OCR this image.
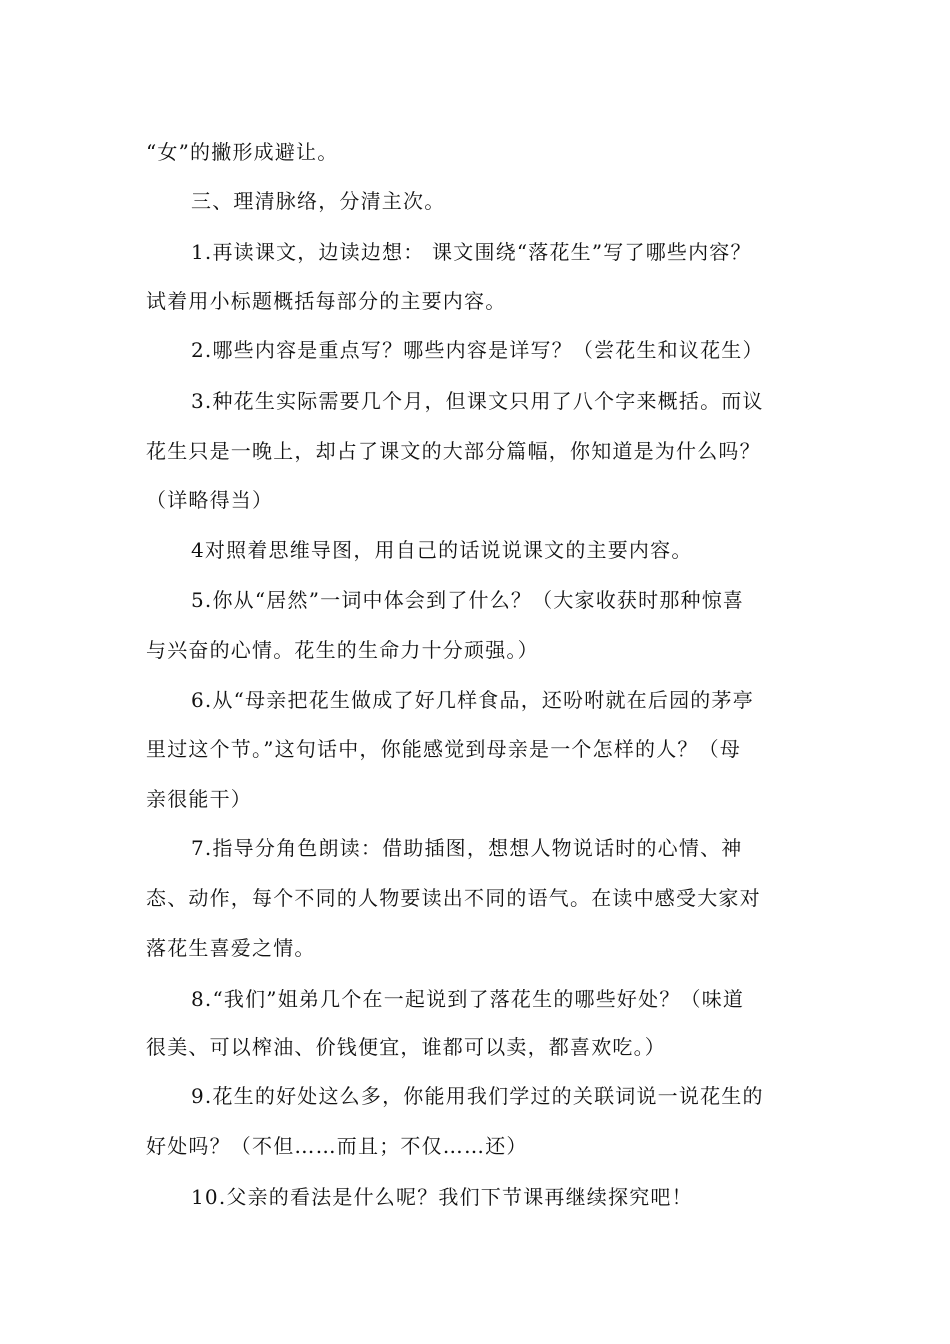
“女”的撇形成避让。
三、理清脉络，分清主次。
1.再读课文，边读边想： 课文围绕“落花生”写了哪些内容？
试着用小标题概括每部分的主要内容。
2.哪些内容是重点写？哪些内容是详写？（尝花生和议花生）
3.种花生实际需要几个月，但课文只用了八个字来概括。而议
花生只是一晚上，却占了课文的大部分篇幅，你知道是为什么吗？
（详略得当）
4对照着思维导图，用自己的话说说课文的主要内容。
5.你从“居然”一词中体会到了什么？（大家收获时那种惊喜
与兴奋的心情。花生的生命力十分顽强。）
6.从“母亲把花生做成了好几样食品，还吩咐就在后园的茅亭
里过这个节。”这句话中，你能感觉到母亲是一个怎样的人？（母
亲很能干）
7.指导分角色朗读：借助插图，想想人物说话时的心情、神
态、动作，每个不同的人物要读出不同的语气。在读中感受大家对
落花生喜爱之情。
8.“我们”姐弟几个在一起说到了落花生的哪些好处？（味道
很美、可以榨油、价钱便宜，谁都可以卖，都喜欢吃。）
9.花生的好处这么多，你能用我们学过的关联词说一说花生的
好处吗？（不但……而且；不仅……还）
10.父亲的看法是什么呢？我们下节课再继续探究吧！
